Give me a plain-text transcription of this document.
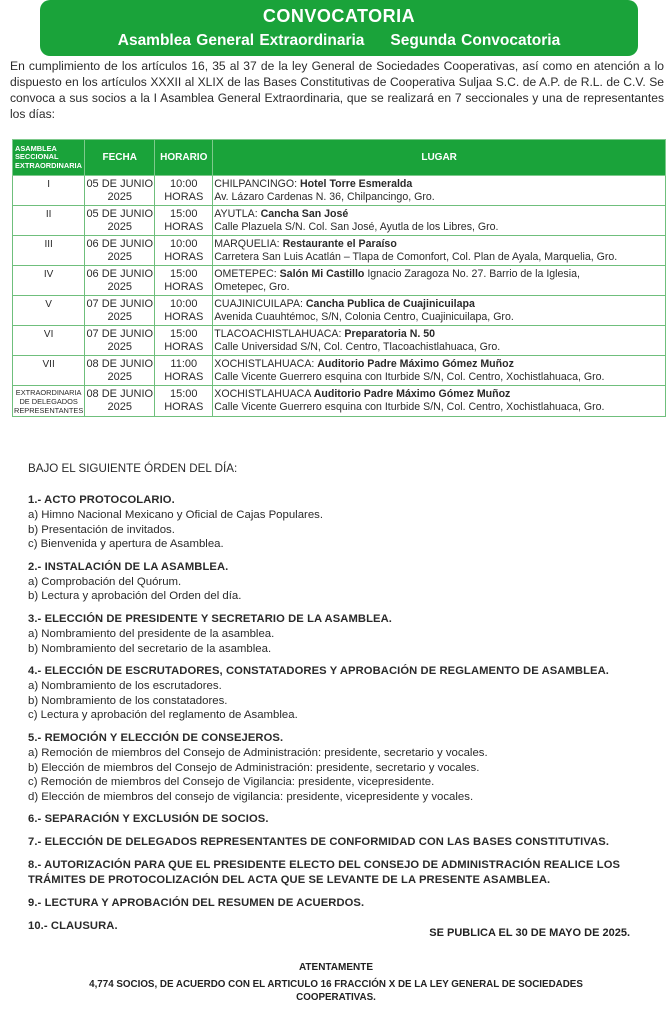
CONVOCATORIA
Asamblea General Extraordinaria Segunda Convocatoria

En cumplimiento de los artículos 16, 35 al 37 de la ley General de Sociedades Cooperativas, así como en atención a lo dispuesto en los artículos XXXII al XLIX de las Bases Constitutivas de Cooperativa Suljaa S.C. de A.P. de R.L. de C.V. Se convoca a sus socios a la I Asamblea General Extraordinaria, que se realizará en 7 seccionales y una de representantes los días:

ASAMBLEA SECCIONAL EXTRAORDINARIA	FECHA	HORARIO	LUGAR
I	05 DE JUNIO 2025	10:00 HORAS	CHILPANCINGO: Hotel Torre Esmeralda
Av. Lázaro Cardenas N. 36, Chilpancingo, Gro.

II	05 DE JUNIO 2025	15:00 HORAS	AYUTLA: Cancha San José
Calle Plazuela S/N. Col. San José, Ayutla de los Libres, Gro.

III	06 DE JUNIO 2025	10:00 HORAS	MARQUELIA: Restaurante el Paraíso
Carretera San Luis Acatlán – Tlapa de Comonfort, Col. Plan de Ayala, Marquelia, Gro.

IV	06 DE JUNIO 2025	15:00 HORAS	OMETEPEC: Salón Mi Castillo Ignacio Zaragoza No. 27. Barrio de la Iglesia,
Ometepec, Gro.

V	07 DE JUNIO 2025	10:00 HORAS	CUAJINICUILAPA: Cancha Publica de Cuajinicuilapa
Avenida Cuauhtémoc, S/N, Colonia Centro, Cuajinicuilapa, Gro.

VI	07 DE JUNIO 2025	15:00 HORAS	TLACOACHISTLAHUACA: Preparatoria N. 50
Calle Universidad S/N, Col. Centro, Tlacoachistlahuaca, Gro.

VII	08 DE JUNIO 2025	11:00 HORAS	XOCHISTLAHUACA: Auditorio Padre Máximo Gómez Muñoz
Calle Vicente Guerrero esquina con Iturbide S/N, Col. Centro, Xochistlahuaca, Gro.

EXTRAORDINARIA DE DELEGADOS REPRESENTANTES	08 DE JUNIO 2025	15:00 HORAS	XOCHISTLAHUACA Auditorio Padre Máximo Gómez Muñoz
Calle Vicente Guerrero esquina con Iturbide S/N, Col. Centro, Xochistlahuaca, Gro.
BAJO EL SIGUIENTE ÓRDEN DEL DÍA:
1.- ACTO PROTOCOLARIO.
a) Himno Nacional Mexicano y Oficial de Cajas Populares.
b) Presentación de invitados.
c) Bienvenida y apertura de Asamblea.
2.- INSTALACIÓN DE LA ASAMBLEA.
a) Comprobación del Quórum.
b) Lectura y aprobación del Orden del día.
3.- ELECCIÓN DE PRESIDENTE Y SECRETARIO DE LA ASAMBLEA.
a) Nombramiento del presidente de la asamblea.
b) Nombramiento del secretario de la asamblea.
4.- ELECCIÓN DE ESCRUTADORES, CONSTATADORES Y APROBACIÓN DE REGLAMENTO DE ASAMBLEA.
a) Nombramiento de los escrutadores.
b) Nombramiento de los constatadores.
c) Lectura y aprobación del reglamento de Asamblea.
5.- REMOCIÓN Y ELECCIÓN DE CONSEJEROS.
a) Remoción de miembros del Consejo de Administración: presidente, secretario y vocales.
b) Elección de miembros del Consejo de Administración: presidente, secretario y vocales.
c) Remoción de miembros del Consejo de Vigilancia: presidente, vicepresidente.
d) Elección de miembros del consejo de vigilancia: presidente, vicepresidente y vocales.
6.- SEPARACIÓN Y EXCLUSIÓN DE SOCIOS.
7.- ELECCIÓN DE DELEGADOS REPRESENTANTES DE CONFORMIDAD CON LAS BASES CONSTITUTIVAS.
8.- AUTORIZACIÓN PARA QUE EL PRESIDENTE ELECTO DEL CONSEJO DE ADMINISTRACIÓN REALICE LOS TRÁMITES DE PROTOCOLIZACIÓN DEL ACTA QUE SE LEVANTE DE LA PRESENTE ASAMBLEA.
9.- LECTURA Y APROBACIÓN DEL RESUMEN DE ACUERDOS.
10.- CLAUSURA.
SE PUBLICA EL 30 DE MAYO DE 2025.
ATENTAMENTE
4,774 SOCIOS, DE ACUERDO CON EL ARTICULO 16 FRACCIÓN X DE LA LEY GENERAL DE SOCIEDADES COOPERATIVAS.
